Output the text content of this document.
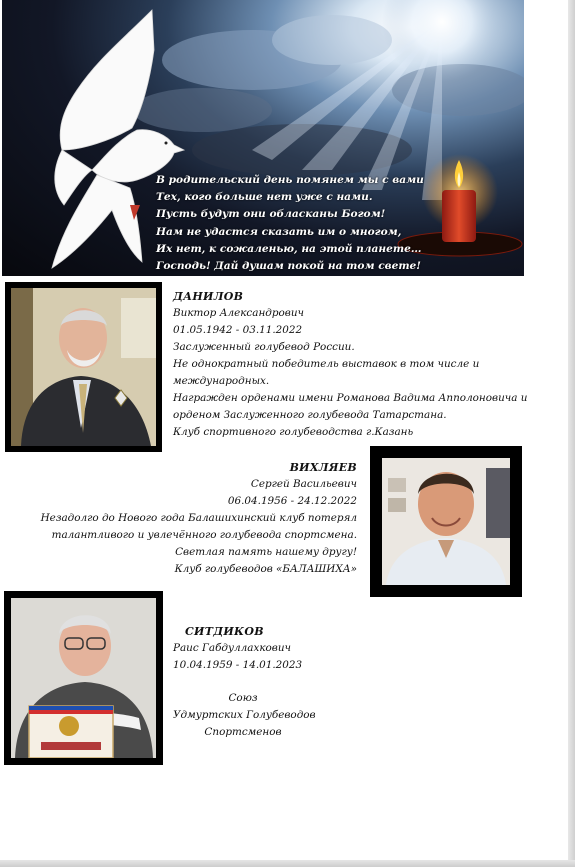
В родительский день помянем мы с вами
Тех, кого больше нет уже с нами.
Пусть будут они обласканы Богом!
Нам не удастся сказать им о многом,
Их нет, к сожаленью, на этой планете…
Господь! Дай душам покой на том свете!
ДАНИЛОВ
Виктор Александрович
01.05.1942 - 03.11.2022
Заслуженный голубевод России.
Не однократный победитель выставок в том числе и
международных.
Награжден орденами имени Романова Вадима Апполоновича и
орденом Заслуженного голубевода Татарстана.
Клуб спортивного голубеводства г.Казань
ВИХЛЯЕВ
Сергей Васильевич
06.04.1956 - 24.12.2022
Незадолго до Нового года Балашихинский клуб потерял
талантливого и увлечённого голубевода спортсмена.
Светлая память нашему другу!
Клуб голубеводов «БАЛАШИХА»
СИТДИКОВ
Раис Габдуллахкович
10.04.1959 - 14.01.2023
Союз
Удмуртских Голубеводов
Спортсменов
